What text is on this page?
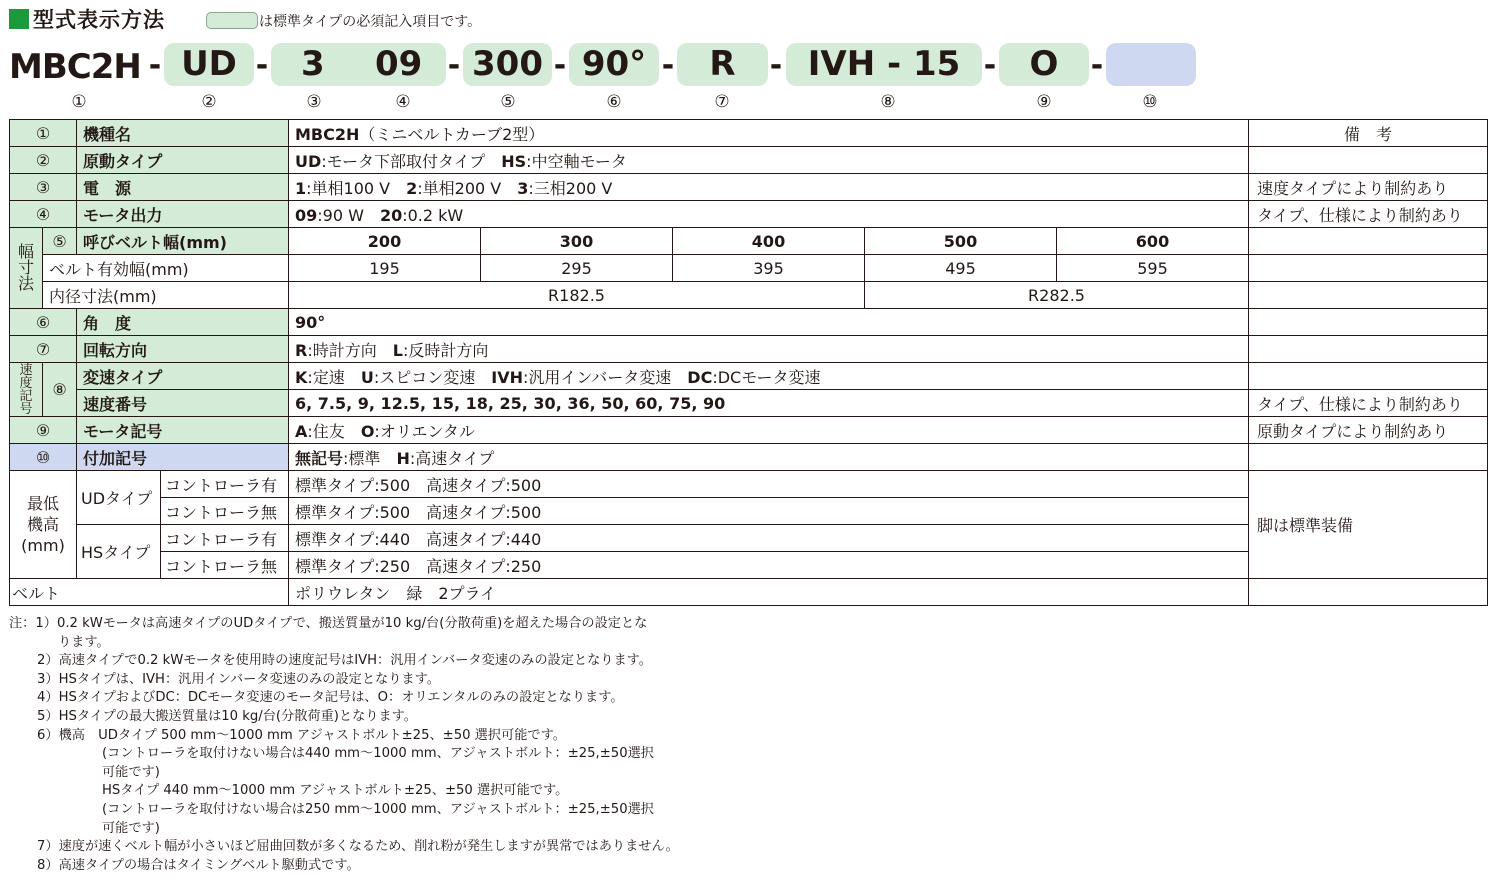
型式表示方法	は標準タイプの必須記入項目です。
MBC2H - UD - 3 09 - 300 - 90° -	R	- IVH - 15 - O	-
①	②	③	④	⑤	⑥	⑦	⑧	⑨	⑩
①		機種名		MBC2H（ミニベルトカーブ2型）					備　考
②		原動タイプ		UD:モータ下部取付タイプ　 HS:中空軸モータ					
③		電　源		1:単相100 V　 2:単相200 V　 3:三相200 V					速度タイプにより制約あり
④		モータ出力		09:90 W　 20:0.2 kW					タイプ、仕様により制約あり

幅
寸
法	⑤	呼びベルト幅(mm)		200	300	400	500	600	
	ベルト有効幅(mm)			195	295	395	495	595	
	内径寸法(mm)			R182.5			R282.5		
⑥		角　度		90°					
⑦		回転方向		R:時計方向　 L:反時計方向					

速
度
記
号	⑧	変速タイプ		K:定速　 U:スピコン変速　 IVH:汎用インバータ変速　 DC:DCモータ変速					
		速度番号		6, 7.5, 9, 12.5, 15, 18, 25, 30, 36, 50, 60, 75, 90					タイプ、仕様により制約あり
⑨		モータ記号		A:住友　 O:オリエンタル					原動タイプにより制約あり
⑩		付加記号		無記号:標準　 H:高速タイプ					

最低
機高
(mm)		UDタイプ	コントローラ有	標準タイプ:500　高速タイプ:500					脚は標準装備
			コントローラ無	標準タイプ:500　高速タイプ:500					
		HSタイプ	コントローラ有	標準タイプ:440　高速タイプ:440					
			コントローラ無	標準タイプ:250　高速タイプ:250					
ベルト				ポリウレタン　緑　2プライ					
注：1）0.2 kWモータは高速タイプのUDタイプで、搬送質量が10 kg/台(分散荷重)を超えた場合の設定とな
ります。
2）高速タイプで0.2 kWモータを使用時の速度記号はIVH：汎用インバータ変速のみの設定となります。
3）HSタイプは、IVH：汎用インバータ変速のみの設定となります。
4）HSタイプおよびDC：DCモータ変速のモータ記号は、O：オリエンタルのみの設定となります。
5）HSタイプの最大搬送質量は10 kg/台(分散荷重)となります。
6）機高　UDタイプ 500 mm～1000 mm アジャストボルト±25、±50 選択可能です。
(コントローラを取付けない場合は440 mm～1000 mm、アジャストボルト：±25,±50選択
可能です)
HSタイプ 440 mm～1000 mm アジャストボルト±25、±50 選択可能です。
(コントローラを取付けない場合は250 mm～1000 mm、アジャストボルト：±25,±50選択
可能です)
7）速度が速くベルト幅が小さいほど屈曲回数が多くなるため、削れ粉が発生しますが異常ではありません。
8）高速タイプの場合はタイミングベルト駆動式です。
